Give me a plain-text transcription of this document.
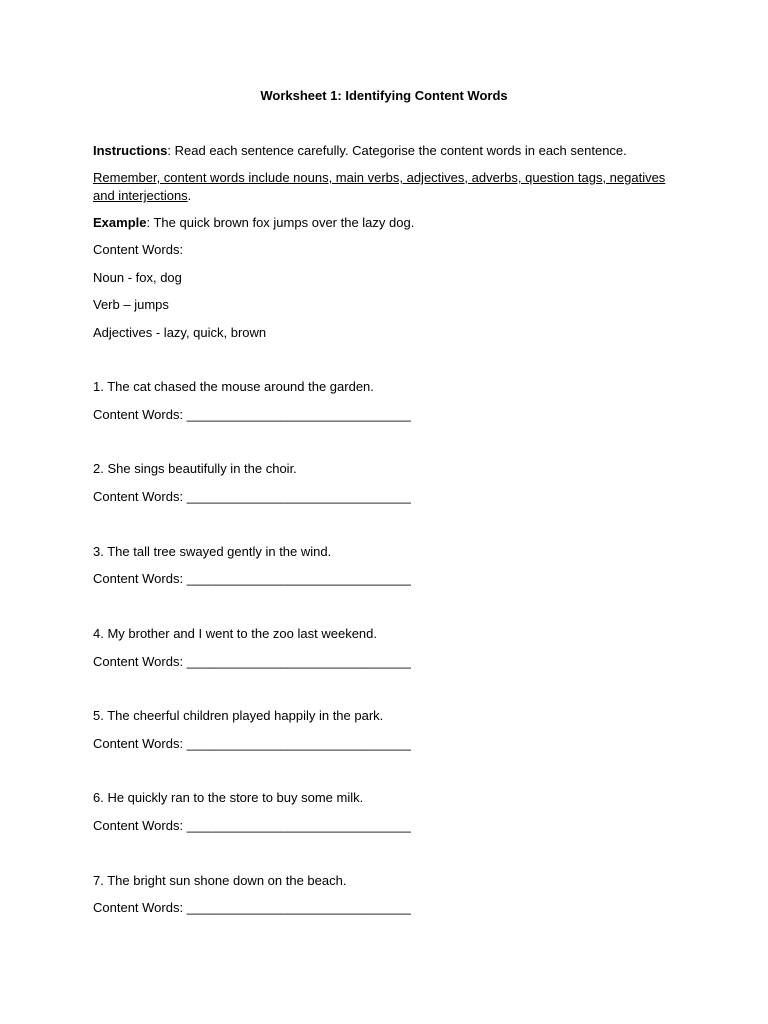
Worksheet 1: Identifying Content Words
Instructions: Read each sentence carefully. Categorise the content words in each sentence.
Remember, content words include nouns, main verbs, adjectives, adverbs, question tags, negatives and interjections.
Example: The quick brown fox jumps over the lazy dog.
Content Words:
Noun - fox, dog
Verb – jumps
Adjectives - lazy, quick, brown
1. The cat chased the mouse around the garden.
Content Words: _______________________________
2. She sings beautifully in the choir.
Content Words: _______________________________
3. The tall tree swayed gently in the wind.
Content Words: _______________________________
4. My brother and I went to the zoo last weekend.
Content Words: _______________________________
5. The cheerful children played happily in the park.
Content Words: _______________________________
6. He quickly ran to the store to buy some milk.
Content Words: _______________________________
7. The bright sun shone down on the beach.
Content Words: _______________________________
